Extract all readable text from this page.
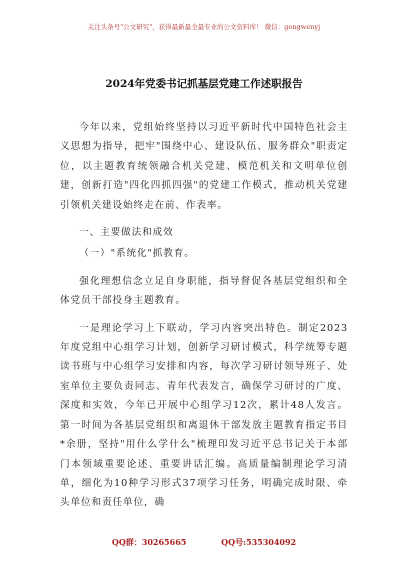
关注头条号"公文研究"，获得最新最全最专业的公文资料库！ 微信：gongwenyj
2024年党委书记抓基层党建工作述职报告

今年以来，党组始终坚持以习近平新时代中国特色社会主义思想为指导，把牢"围绕中心、建设队伍、服务群众"职责定位，以主题教育统领融合机关党建、模范机关和文明单位创建，创新打造"四化四抓四强"的党建工作模式，推动机关党建引领机关建设始终走在前、作表率。

一、主要做法和成效

（一）"系统化"抓教育。

强化理想信念立足自身职能，指导督促各基层党组织和全体党员干部投身主题教育。

一是理论学习上下联动，学习内容突出特色。制定2023年度党组中心组学习计划，创新学习研讨模式，科学统筹专题读书班与中心组学习安排和内容，每次学习研讨领导班子、处室单位主要负责同志、青年代表发言，确保学习研讨的广度、深度和实效，今年已开展中心组学习12次，累计48人发言。第一时间为各基层党组织和离退休干部发放主题教育指定书目*余册，坚持"用什么学什么"梳理印发习近平总书记关于本部门本领域重要论述、重要讲话汇编。高质量编制理论学习清单，细化为10种学习形式37项学习任务，明确完成时限、牵头单位和责任单位，确

QQ群：30265665	QQ号:535304092
